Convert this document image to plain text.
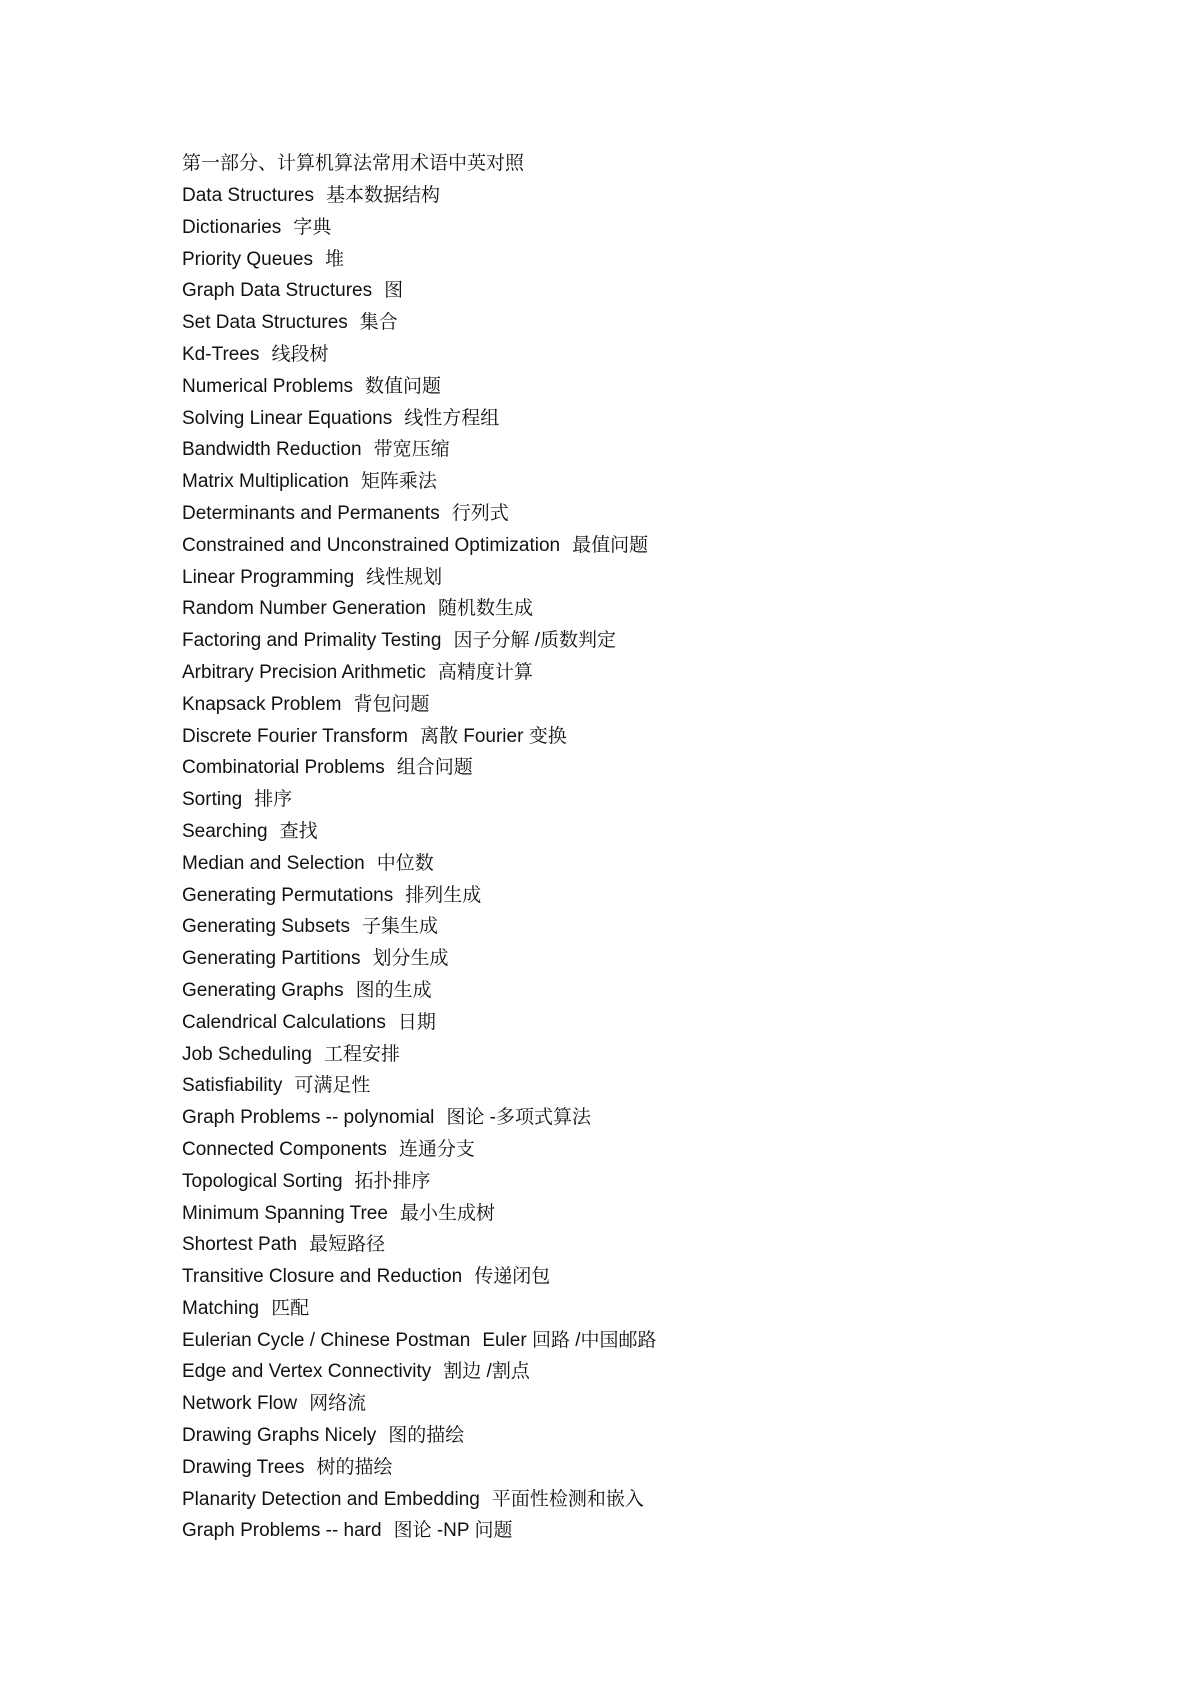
第一部分、计算机算法常用术语中英对照
Data Structures 基本数据结构
Dictionaries 字典
Priority Queues 堆
Graph Data Structures 图
Set Data Structures 集合
Kd-Trees 线段树
Numerical Problems 数值问题
Solving Linear Equations 线性方程组
Bandwidth Reduction 带宽压缩
Matrix Multiplication 矩阵乘法
Determinants and Permanents 行列式
Constrained and Unconstrained Optimization 最值问题
Linear Programming 线性规划
Random Number Generation 随机数生成
Factoring and Primality Testing 因子分解 /质数判定
Arbitrary Precision Arithmetic 高精度计算
Knapsack Problem 背包问题
Discrete Fourier Transform 离散 Fourier 变换
Combinatorial Problems 组合问题
Sorting 排序
Searching 查找
Median and Selection 中位数
Generating Permutations 排列生成
Generating Subsets 子集生成
Generating Partitions 划分生成
Generating Graphs 图的生成
Calendrical Calculations 日期
Job Scheduling 工程安排
Satisfiability 可满足性
Graph Problems -- polynomial 图论 -多项式算法
Connected Components 连通分支
Topological Sorting 拓扑排序
Minimum Spanning Tree 最小生成树
Shortest Path 最短路径
Transitive Closure and Reduction 传递闭包
Matching 匹配
Eulerian Cycle / Chinese Postman Euler 回路 /中国邮路
Edge and Vertex Connectivity 割边 /割点
Network Flow 网络流
Drawing Graphs Nicely 图的描绘
Drawing Trees 树的描绘
Planarity Detection and Embedding 平面性检测和嵌入
Graph Problems -- hard 图论 -NP 问题
